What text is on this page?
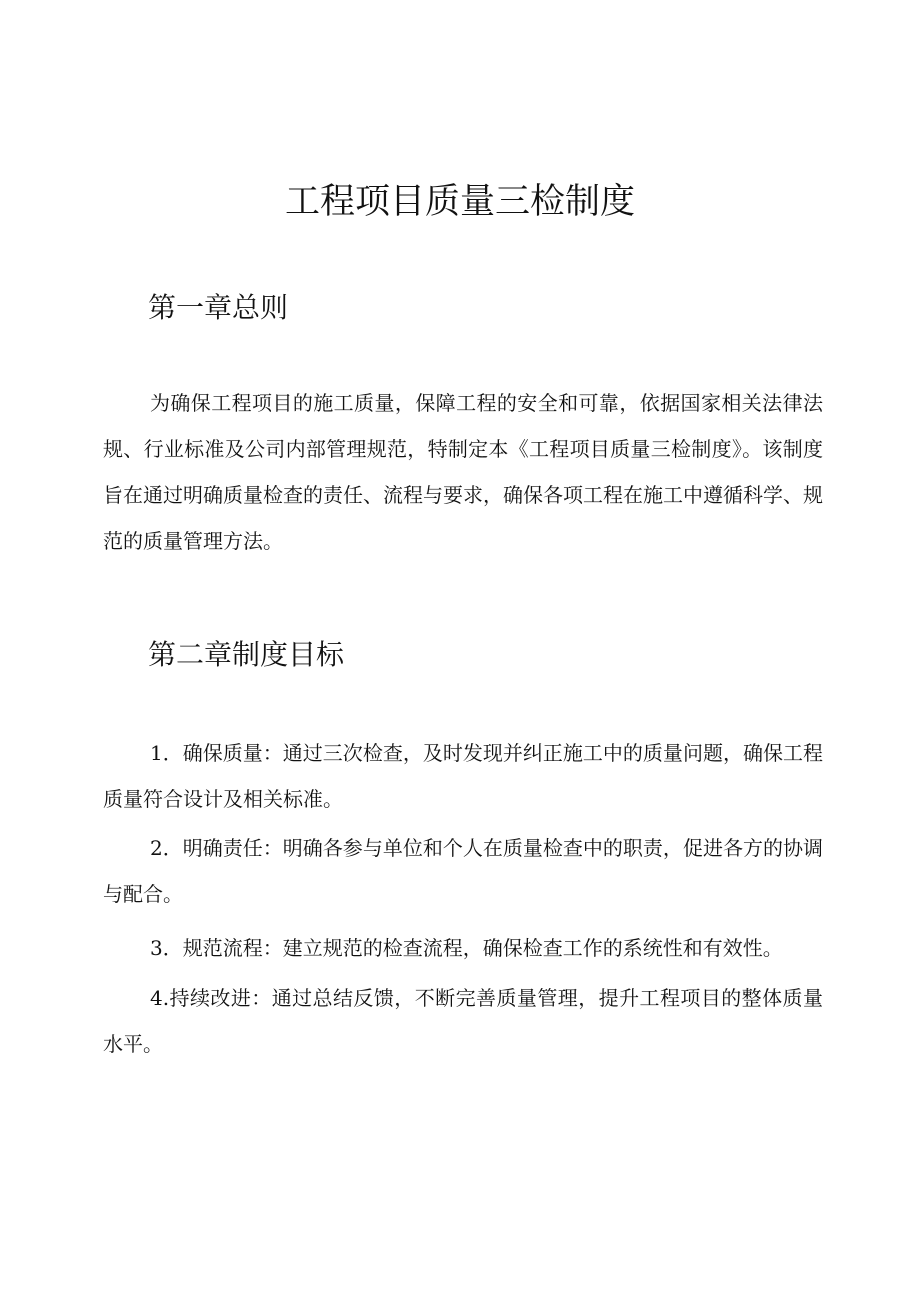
工程项目质量三检制度
第一章总则

为确保工程项目的施工质量，保障工程的安全和可靠，依据国家相关法律法规、行业标准及公司内部管理规范，特制定本《工程项目质量三检制度》。该制度旨在通过明确质量检查的责任、流程与要求，确保各项工程在施工中遵循科学、规范的质量管理方法。

第二章制度目标

1．确保质量：通过三次检查，及时发现并纠正施工中的质量问题，确保工程质量符合设计及相关标准。

2．明确责任：明确各参与单位和个人在质量检查中的职责，促进各方的协调与配合。

3．规范流程：建立规范的检查流程，确保检查工作的系统性和有效性。

4.持续改进：通过总结反馈，不断完善质量管理，提升工程项目的整体质量水平。
